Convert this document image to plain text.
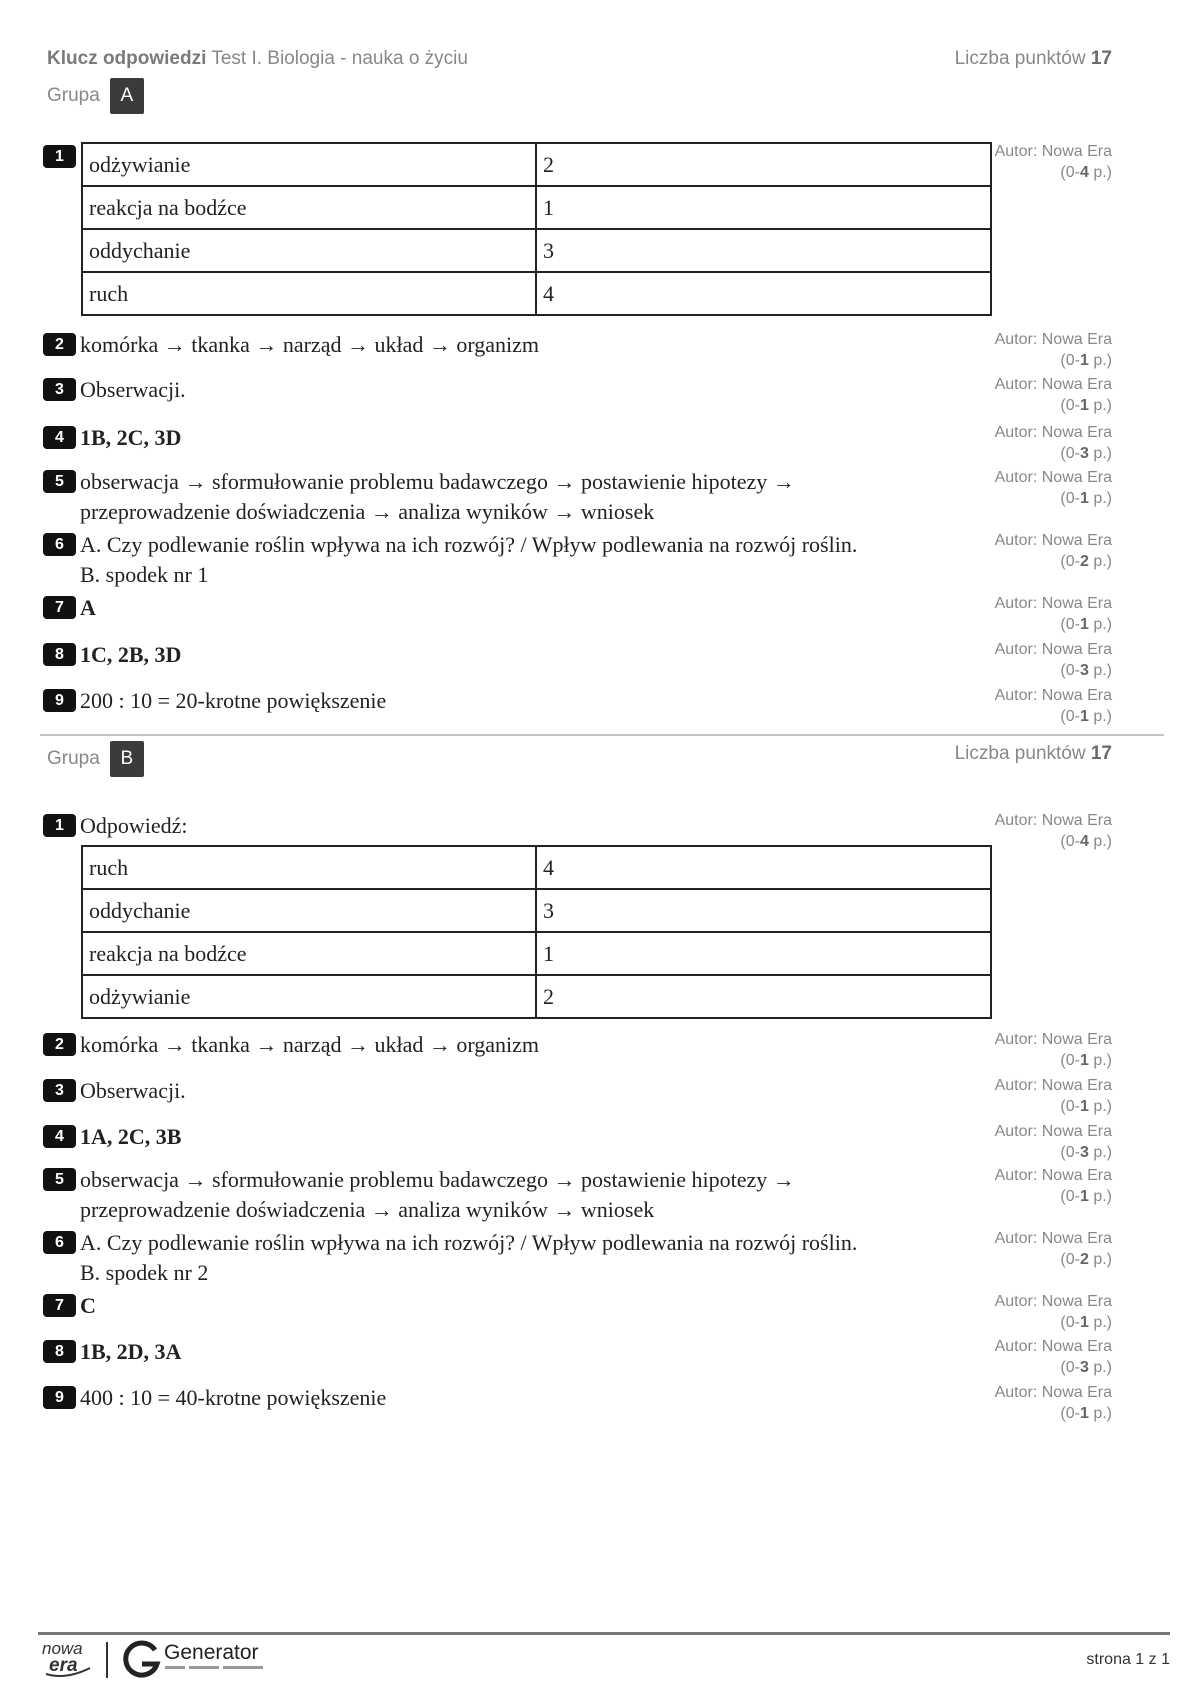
Klucz odpowiedzi Test I. Biologia - nauka o życiu	Liczba punktów 17
Grupa	A
1	odżywianie	2
reakcja na bodźce	1
oddychanie	3
ruch	4
Autor: Nowa Era
(0-4 p.)
2 komórka → tkanka → narząd → układ → organizm	Autor: Nowa Era
(0-1 p.)
3 Obserwacji.	Autor: Nowa Era
(0-1 p.)
4 1B, 2C, 3D	Autor: Nowa Era
(0-3 p.)
5 obserwacja → sformułowanie problemu badawczego → postawienie hipotezy →

przeprowadzenie doświadczenia → analiza wyników → wniosek

Autor: Nowa Era
(0-1 p.)
6 A. Czy podlewanie roślin wpływa na ich rozwój? / Wpływ podlewania na rozwój roślin.

B. spodek nr 1

Autor: Nowa Era
(0-2 p.)
7 A	Autor: Nowa Era
(0-1 p.)
8 1C, 2B, 3D	Autor: Nowa Era
(0-3 p.)
9 200 : 10 = 20-krotne powiększenie	Autor: Nowa Era
(0-1 p.)
Grupa	B	Liczba punktów 17
1 Odpowiedź:
ruch	4
oddychanie	3
reakcja na bodźce	1
odżywianie	2
Autor: Nowa Era
(0-4 p.)
2 komórka → tkanka → narząd → układ → organizm	Autor: Nowa Era
(0-1 p.)
3 Obserwacji.	Autor: Nowa Era
(0-1 p.)
4 1A, 2C, 3B	Autor: Nowa Era
(0-3 p.)
5 obserwacja → sformułowanie problemu badawczego → postawienie hipotezy →

przeprowadzenie doświadczenia → analiza wyników → wniosek

Autor: Nowa Era
(0-1 p.)
6 A. Czy podlewanie roślin wpływa na ich rozwój? / Wpływ podlewania na rozwój roślin.

B. spodek nr 2

Autor: Nowa Era
(0-2 p.)
7 C	Autor: Nowa Era
(0-1 p.)
8 1B, 2D, 3A	Autor: Nowa Era
(0-3 p.)
9 400 : 10 = 40-krotne powiększenie	Autor: Nowa Era
(0-1 p.)
nowa
era
Generator	strona 1 z 1
